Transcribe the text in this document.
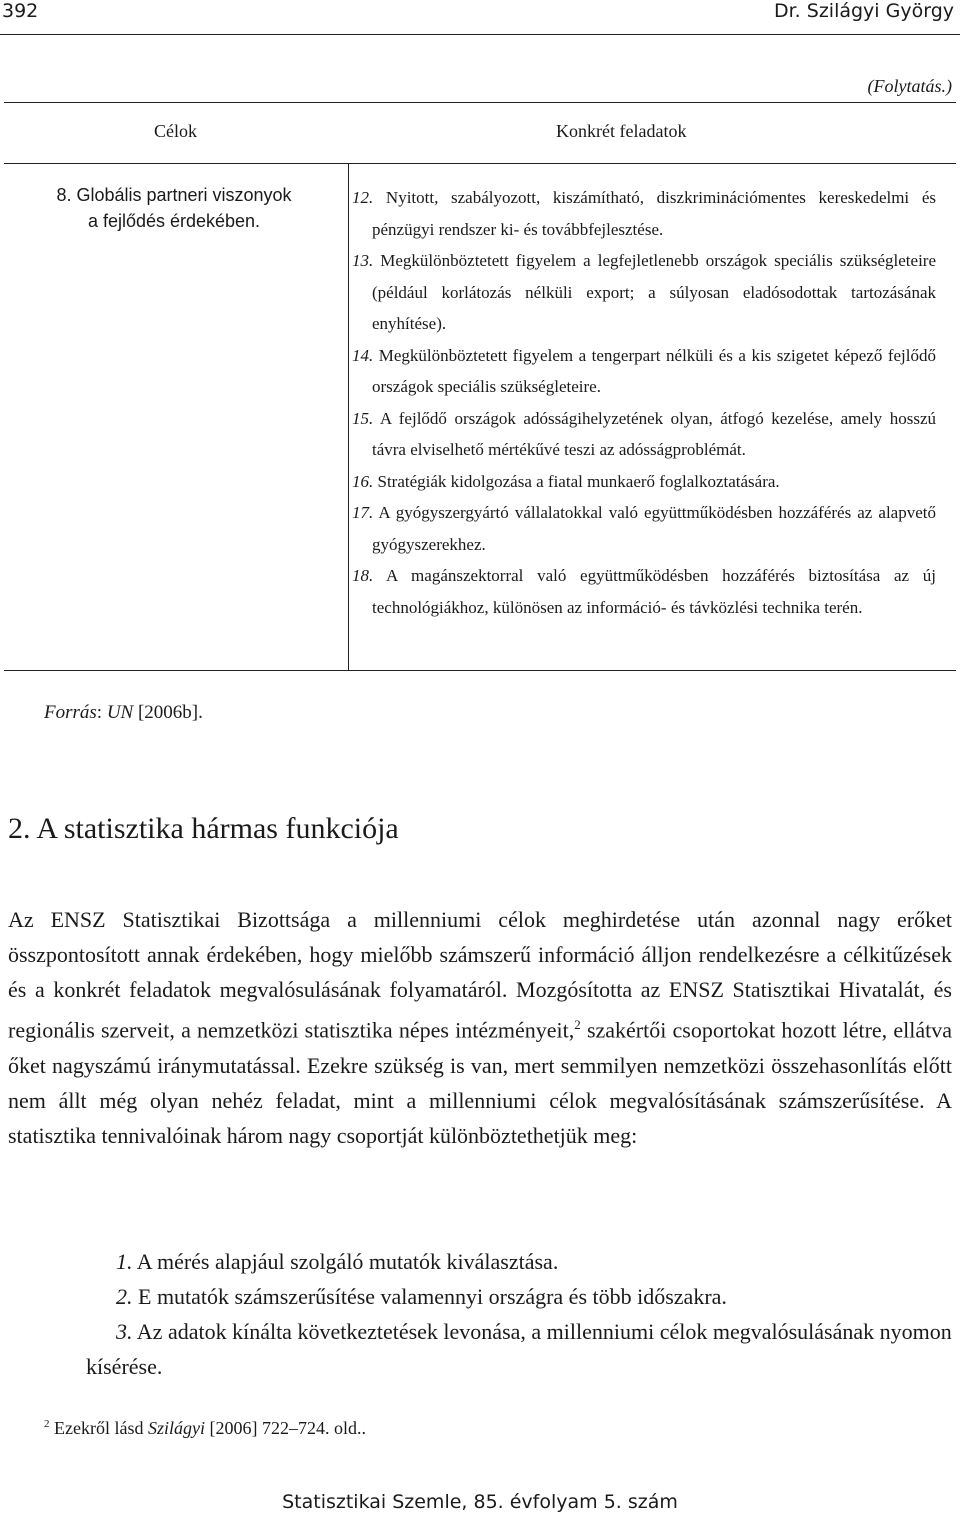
392	Dr. Szilágyi György
(Folytatás.)
Célok	Konkrét feladatok
8. Globális partneri viszonyok
a fejlődés érdekében.
12. Nyitott, szabályozott, kiszámítható, diszkriminációmentes kereskedelmi és pénzügyi rendszer ki- és továbbfejlesztése.
13. Megkülönböztetett figyelem a legfejletlenebb országok speciális szükségleteire (például korlátozás nélküli export; a súlyosan eladósodottak tartozásának enyhítése).
14. Megkülönböztetett figyelem a tengerpart nélküli és a kis szigetet képező fejlődő országok speciális szükségleteire.
15. A fejlődő országok adósságihelyzetének olyan, átfogó kezelése, amely hosszú távra elviselhető mértékűvé teszi az adósságproblémát.
16. Stratégiák kidolgozása a fiatal munkaerő foglalkoztatására.
17. A gyógyszergyártó vállalatokkal való együttműködésben hozzáférés az alapvető gyógyszerekhez.
18. A magánszektorral való együttműködésben hozzáférés biztosítása az új technológiákhoz, különösen az információ- és távközlési technika terén.
Forrás: UN [2006b].
2. A statisztika hármas funkciója

Az ENSZ Statisztikai Bizottsága a millenniumi célok meghirdetése után azonnal nagy erőket összpontosított annak érdekében, hogy mielőbb számszerű információ álljon rendelkezésre a célkitűzések és a konkrét feladatok megvalósulásának folyamatáról. Mozgósította az ENSZ Statisztikai Hivatalát, és regionális szerveit, a nemzetközi statisztika népes intézményeit,$^2$ szakértői csoportokat hozott létre, ellátva őket nagyszámú iránymutatással. Ezekre szükség is van, mert semmilyen nemzetközi összehasonlítás előtt nem állt még olyan nehéz feladat, mint a millenniumi célok megvalósításának számszerűsítése. A statisztika tennivalóinak három nagy csoportját különböztethetjük meg:

1. A mérés alapjául szolgáló mutatók kiválasztása.
2. E mutatók számszerűsítése valamennyi országra és több időszakra.
3. Az adatok kínálta következtetések levonása, a millenniumi célok megvalósulásának nyomon kísérése.
$^2$ Ezekről lásd Szilágyi [2006] 722–724. old..
Statisztikai Szemle, 85. évfolyam 5. szám
